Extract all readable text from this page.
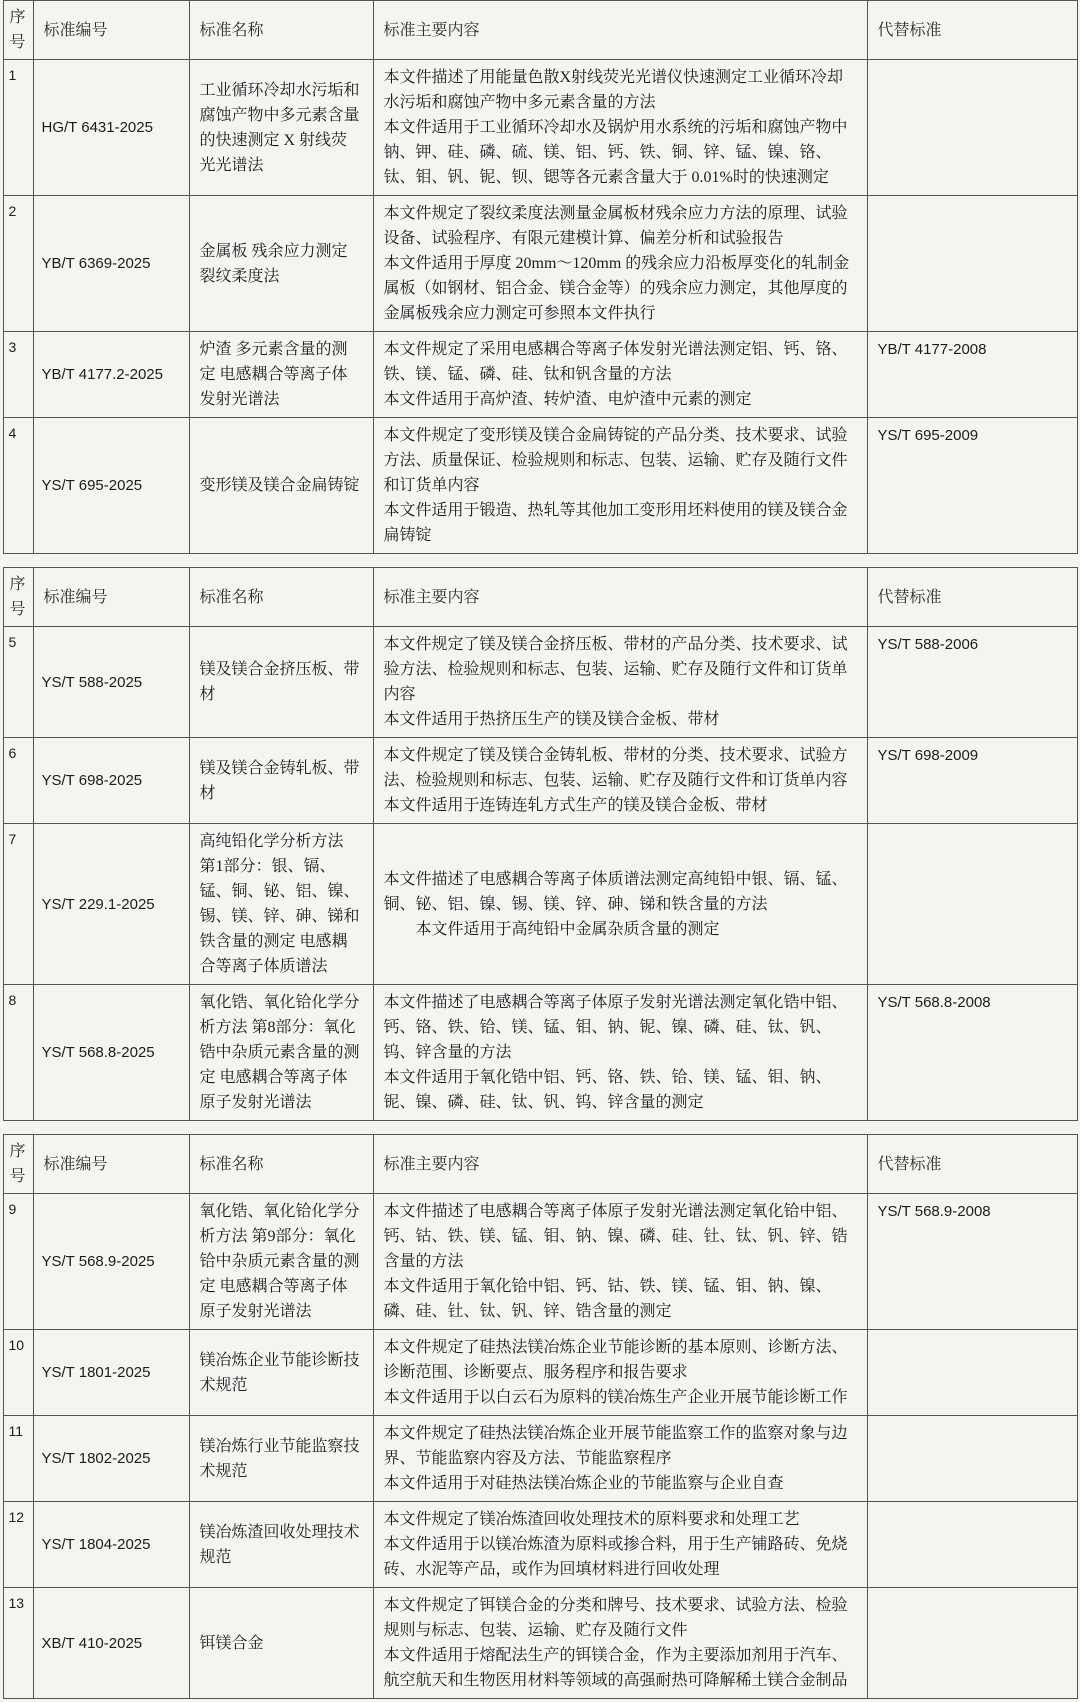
序号	标准编号	标准名称	标准主要内容	代替标准
1	HG/T 6431-2025	工业循环冷却水污垢和腐蚀产物中多元素含量的快速测定 X 射线荧光光谱法	本文件描述了用能量色散X射线荧光光谱仪快速测定工业循环冷却水污垢和腐蚀产物中多元素含量的方法
本文件适用于工业循环冷却水及锅炉用水系统的污垢和腐蚀产物中钠、钾、硅、磷、硫、镁、铝、钙、铁、铜、锌、锰、镍、铬、钛、钼、钒、铌、钡、锶等各元素含量大于 0.01%时的快速测定	

2	YB/T 6369-2025	金属板 残余应力测定 裂纹柔度法	本文件规定了裂纹柔度法测量金属板材残余应力方法的原理、试验设备、试验程序、有限元建模计算、偏差分析和试验报告
本文件适用于厚度 20mm～120mm 的残余应力沿板厚变化的轧制金属板（如钢材、铝合金、镁合金等）的残余应力测定，其他厚度的金属板残余应力测定可参照本文件执行	

3	YB/T 4177.2-2025	炉渣 多元素含量的测定 电感耦合等离子体发射光谱法	本文件规定了采用电感耦合等离子体发射光谱法测定铝、钙、铬、铁、镁、锰、磷、硅、钛和钒含量的方法
本文件适用于高炉渣、转炉渣、电炉渣中元素的测定	YB/T 4177-2008
4	YS/T 695-2025	变形镁及镁合金扁铸锭	本文件规定了变形镁及镁合金扁铸锭的产品分类、技术要求、试验方法、质量保证、检验规则和标志、包装、运输、贮存及随行文件和订货单内容
本文件适用于锻造、热轧等其他加工变形用坯料使用的镁及镁合金扁铸锭	YS/T 695-2009
序号	标准编号	标准名称	标准主要内容	代替标准
5	YS/T 588-2025	镁及镁合金挤压板、带材	本文件规定了镁及镁合金挤压板、带材的产品分类、技术要求、试验方法、检验规则和标志、包装、运输、贮存及随行文件和订货单内容
本文件适用于热挤压生产的镁及镁合金板、带材	YS/T 588-2006
6	YS/T 698-2025	镁及镁合金铸轧板、带材	本文件规定了镁及镁合金铸轧板、带材的分类、技术要求、试验方法、检验规则和标志、包装、运输、贮存及随行文件和订货单内容
本文件适用于连铸连轧方式生产的镁及镁合金板、带材	YS/T 698-2009
7	YS/T 229.1-2025	高纯铅化学分析方法 第1部分：银、镉、锰、铜、铋、铝、镍、锡、镁、锌、砷、锑和铁含量的测定 电感耦合等离子体质谱法	本文件描述了电感耦合等离子体质谱法测定高纯铅中银、镉、锰、铜、铋、铝、镍、锡、镁、锌、砷、锑和铁含量的方法
　　本文件适用于高纯铅中金属杂质含量的测定	

8	YS/T 568.8-2025	氧化锆、氧化铪化学分析方法 第8部分：氧化锆中杂质元素含量的测定 电感耦合等离子体原子发射光谱法	本文件描述了电感耦合等离子体原子发射光谱法测定氧化锆中铝、钙、铬、铁、铪、镁、锰、钼、钠、铌、镍、磷、硅、钛、钒、钨、锌含量的方法
本文件适用于氧化锆中铝、钙、铬、铁、铪、镁、锰、钼、钠、铌、镍、磷、硅、钛、钒、钨、锌含量的测定	YS/T 568.8-2008
序号	标准编号	标准名称	标准主要内容	代替标准
9	YS/T 568.9-2025	氧化锆、氧化铪化学分析方法 第9部分：氧化铪中杂质元素含量的测定 电感耦合等离子体原子发射光谱法	本文件描述了电感耦合等离子体原子发射光谱法测定氧化铪中铝、钙、钴、铁、镁、锰、钼、钠、镍、磷、硅、钍、钛、钒、锌、锆含量的方法
本文件适用于氧化铪中铝、钙、钴、铁、镁、锰、钼、钠、镍、磷、硅、钍、钛、钒、锌、锆含量的测定	YS/T 568.9-2008
10	YS/T 1801-2025	镁冶炼企业节能诊断技术规范	本文件规定了硅热法镁冶炼企业节能诊断的基本原则、诊断方法、诊断范围、诊断要点、服务程序和报告要求
本文件适用于以白云石为原料的镁冶炼生产企业开展节能诊断工作	

11	YS/T 1802-2025	镁冶炼行业节能监察技术规范	本文件规定了硅热法镁冶炼企业开展节能监察工作的监察对象与边界、节能监察内容及方法、节能监察程序
本文件适用于对硅热法镁冶炼企业的节能监察与企业自查	

12	YS/T 1804-2025	镁冶炼渣回收处理技术规范	本文件规定了镁冶炼渣回收处理技术的原料要求和处理工艺
本文件适用于以镁冶炼渣为原料或掺合料，用于生产铺路砖、免烧砖、水泥等产品，或作为回填材料进行回收处理	

13	XB/T 410-2025	铒镁合金	本文件规定了铒镁合金的分类和牌号、技术要求、试验方法、检验规则与标志、包装、运输、贮存及随行文件
本文件适用于熔配法生产的铒镁合金，作为主要添加剂用于汽车、航空航天和生物医用材料等领域的高强耐热可降解稀土镁合金制品	
